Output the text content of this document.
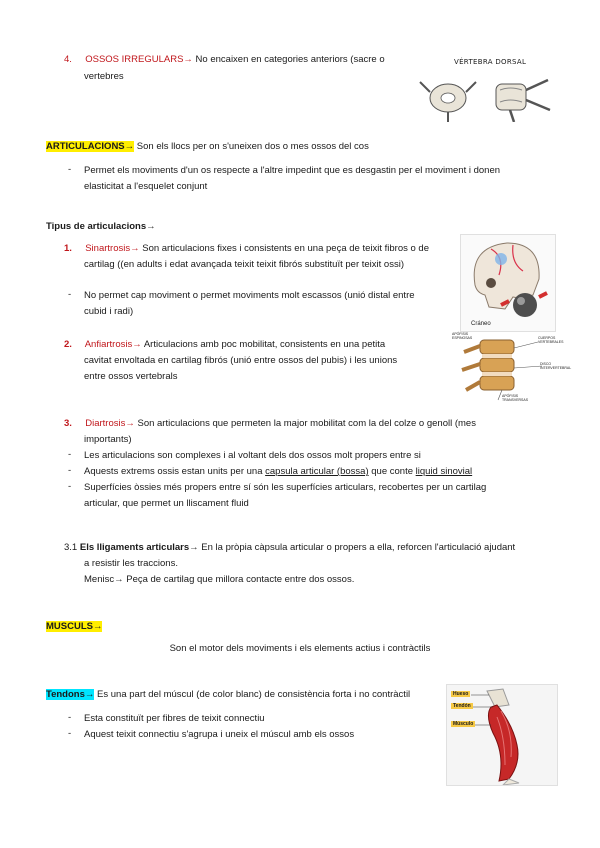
4. OSSOS IRREGULARS→ No encaixen en categories anteriors (sacre o
vertebres
VÉRTEBRA DORSAL
ARTICULACIONS→ Son els llocs per on s'uneixen dos o mes ossos del cos
- Permet els moviments d'un os respecte a l'altre impedint que es desgastin per el moviment i donen
elasticitat a l'esquelet conjunt
Tipus de articulacions→
1. Sinartrosis→ Son articulacions fixes i consistents en una peça de teixit fibros o de
cartilag ((en adults i edat avançada teixit teixit fibrós substituït per teixit ossi)
- No permet cap moviment o permet moviments molt escassos (unió distal entre
cubid i radi)
Cráneo
2. Anfiartrosis→ Articulacions amb poc mobilitat, consistents en una petita
cavitat envoltada en cartilag fibrós (unió entre ossos del pubis) i les unions
entre ossos vertebrals
APÓFISIS ESPINOSAS	CUERPOS VERTEBRALES
DISCO INTERVERTEBRAL
APÓFISIS TRANSVERSAS
3. Diartrosis→ Son articulacions que permeten la major mobilitat com la del colze o genoll (mes
importants)
- Les articulacions son complexes i al voltant dels dos ossos molt propers entre si
- Aquests extrems ossis estan units per una capsula articular (bossa) que conte liquid sinovial
- Superfícies òssies més propers entre sí són les superfícies articulars, recobertes per un cartilag
articular, que permet un lliscament fluid
3.1 Els lligaments articulars→ En la pròpia càpsula articular o propers a ella, reforcen l'articulació ajudant
a resistir les traccions.
Menisc→ Peça de cartilag que millora contacte entre dos ossos.
MUSCULS→
Son el motor dels moviments i els elements actius i contràctils
Tendons→ Es una part del múscul (de color blanc) de consistència forta i no contràctil
- Esta constituït per fibres de teixit connectiu
- Aquest teixit connectiu s'agrupa i uneix el múscul amb els ossos
Hueso
Tendón
Músculo
